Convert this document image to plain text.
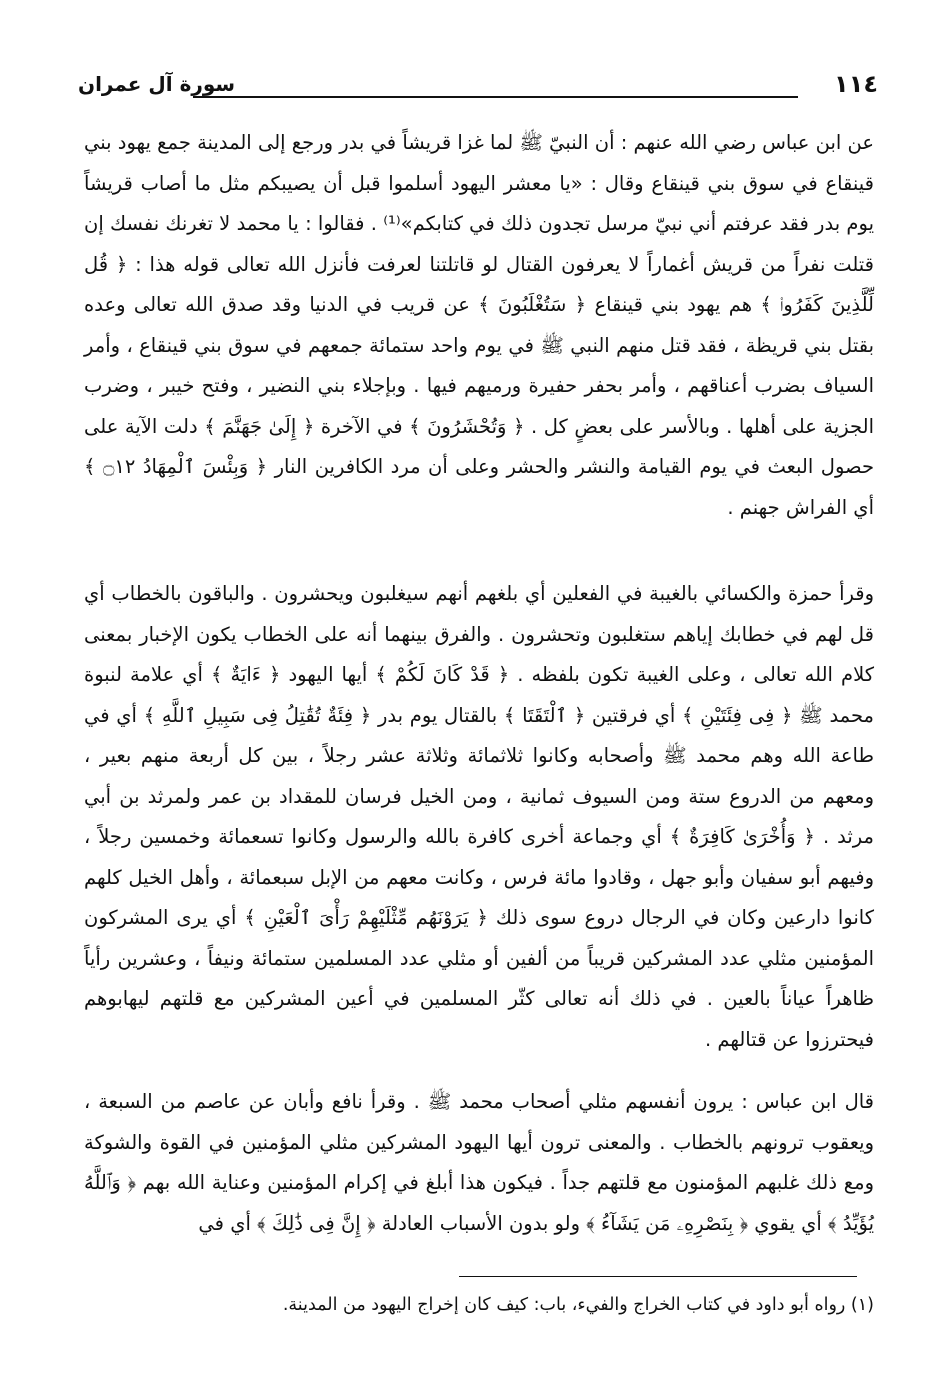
١١٤
سورة آل عمران

عن ابن عباس رضي الله عنهم : أن النبيّ ﷺ لما غزا قريشاً في بدر ورجع إلى المدينة جمع يهود بني قينقاع في سوق بني قينقاع وقال : «يا معشر اليهود أسلموا قبل أن يصيبكم مثل ما أصاب قريشاً يوم بدر فقد عرفتم أني نبيّ مرسل تجدون ذلك في كتابكم»⁽¹⁾ . فقالوا : يا محمد لا تغرنك نفسك إن قتلت نفراً من قريش أغماراً لا يعرفون القتال لو قاتلتنا لعرفت فأنزل الله تعالى قوله هذا : ﴿ قُل لِّلَّذِينَ كَفَرُوا۟ ﴾ هم يهود بني قينقاع ﴿ سَتُغْلَبُونَ ﴾ عن قريب في الدنيا وقد صدق الله تعالى وعده بقتل بني قريظة ، فقد قتل منهم النبي ﷺ في يوم واحد ستمائة جمعهم في سوق بني قينقاع ، وأمر السياف بضرب أعناقهم ، وأمر بحفر حفيرة ورميهم فيها . وبإجلاء بني النضير ، وفتح خيبر ، وضرب الجزية على أهلها . وبالأسر على بعضٍ كل . ﴿ وَتُحْشَرُونَ ﴾ في الآخرة ﴿ إِلَىٰ جَهَنَّمَ ﴾ دلت الآية على حصول البعث في يوم القيامة والنشر والحشر وعلى أن مرد الكافرين النار ﴿ وَبِئْسَ ٱلْمِهَادُ ۝١٢ ﴾ أي الفراش جهنم .

وقرأ حمزة والكسائي بالغيبة في الفعلين أي بلغهم أنهم سيغلبون ويحشرون . والباقون بالخطاب أي قل لهم في خطابك إياهم ستغلبون وتحشرون . والفرق بينهما أنه على الخطاب يكون الإخبار بمعنى كلام الله تعالى ، وعلى الغيبة تكون بلفظه . ﴿ قَدْ كَانَ لَكُمْ ﴾ أيها اليهود ﴿ ءَايَةٌ ﴾ أي علامة لنبوة محمد ﷺ ﴿ فِى فِئَتَيْنِ ﴾ أي فرقتين ﴿ ٱلْتَقَتَا ﴾ بالقتال يوم بدر ﴿ فِئَةٌ تُقَٰتِلُ فِى سَبِيلِ ٱللَّهِ ﴾ أي في طاعة الله وهم محمد ﷺ وأصحابه وكانوا ثلاثمائة وثلاثة عشر رجلاً ، بين كل أربعة منهم بعير ، ومعهم من الدروع ستة ومن السيوف ثمانية ، ومن الخيل فرسان للمقداد بن عمر ولمرثد بن أبي مرثد . ﴿ وَأُخْرَىٰ كَافِرَةٌ ﴾ أي وجماعة أخرى كافرة بالله والرسول وكانوا تسعمائة وخمسين رجلاً ، وفيهم أبو سفيان وأبو جهل ، وقادوا مائة فرس ، وكانت معهم من الإبل سبعمائة ، وأهل الخيل كلهم كانوا دارعين وكان في الرجال دروع سوى ذلك ﴿ يَرَوْنَهُم مِّثْلَيْهِمْ رَأْىَ ٱلْعَيْنِ ﴾ أي يرى المشركون المؤمنين مثلي عدد المشركين قريباً من ألفين أو مثلي عدد المسلمين ستمائة ونيفاً ، وعشرين رأياً ظاهراً عياناً بالعين . في ذلك أنه تعالى كثّر المسلمين في أعين المشركين مع قلتهم ليهابوهم فيحترزوا عن قتالهم .

قال ابن عباس : يرون أنفسهم مثلي أصحاب محمد ﷺ . وقرأ نافع وأبان عن عاصم من السبعة ، ويعقوب ترونهم بالخطاب . والمعنى ترون أيها اليهود المشركين مثلي المؤمنين في القوة والشوكة ومع ذلك غلبهم المؤمنون مع قلتهم جداً . فيكون هذا أبلغ في إكرام المؤمنين وعناية الله بهم ﴿ وَٱللَّهُ يُؤَيِّدُ ﴾ أي يقوي ﴿ بِنَصْرِهِۦ مَن يَشَآءُ ﴾ ولو بدون الأسباب العادلة ﴿ إِنَّ فِى ذَٰلِكَ ﴾ أي في

(١) رواه أبو داود في كتاب الخراج والفيء، باب: كيف كان إخراج اليهود من المدينة.
